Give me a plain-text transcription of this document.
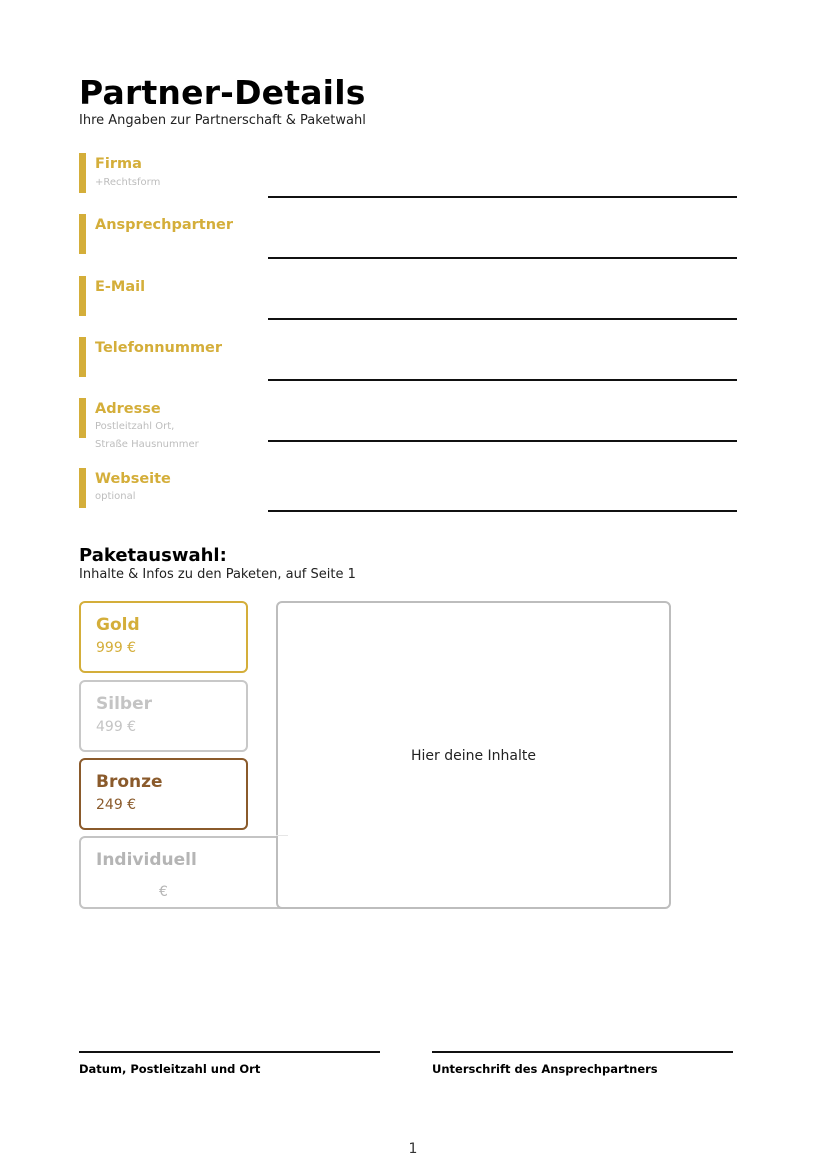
Partner-Details
Ihre Angaben zur Partnerschaft & Paketwahl
Firma
+Rechtsform
Ansprechpartner
E-Mail
Telefonnummer
Adresse
Postleitzahl Ort,
Straße Hausnummer
Webseite
optional
Paketauswahl:
Inhalte & Infos zu den Paketen, auf Seite 1
Gold
999 €
Silber
499 €
Bronze
249 €
Individuell
€
Hier deine Inhalte
Datum, Postleitzahl und Ort	Unterschrift des Ansprechpartners
1
